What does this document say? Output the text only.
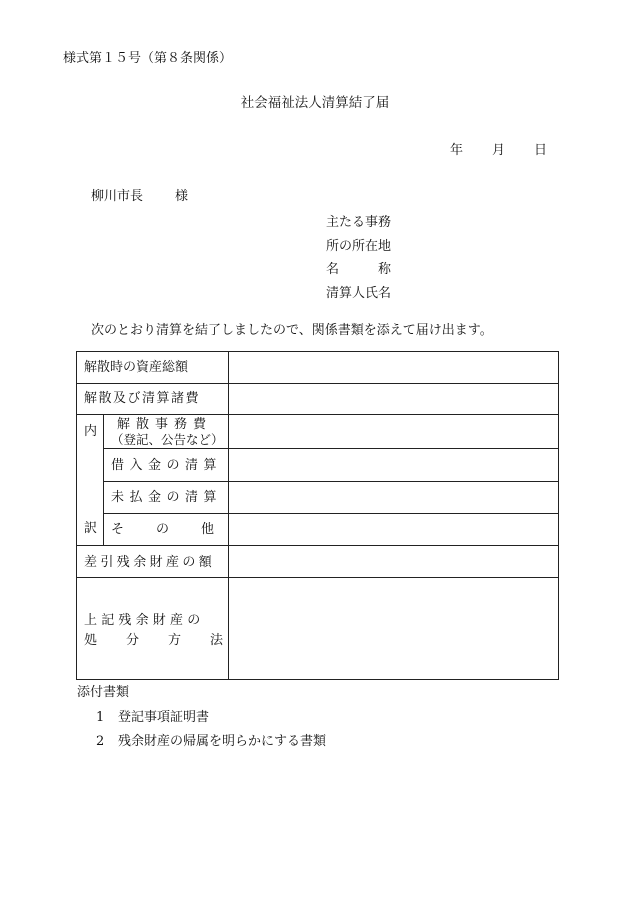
様式第１５号（第８条関係）
社会福祉法人清算結了届
年 月 日
柳川市長 様
主たる事務
所の所在地
名	称
清算人氏名
次のとおり清算を結了しましたので、関係書類を添えて届け出ます。
解散時の資産総額
解散及び清算諸費
内
訳
解散事務費
（登記、公告など）
借入金の清算
未払金の清算
その他
差引残余財産の額
上記残余財産の
処分方法
添付書類
1 登記事項証明書
2 残余財産の帰属を明らかにする書類
